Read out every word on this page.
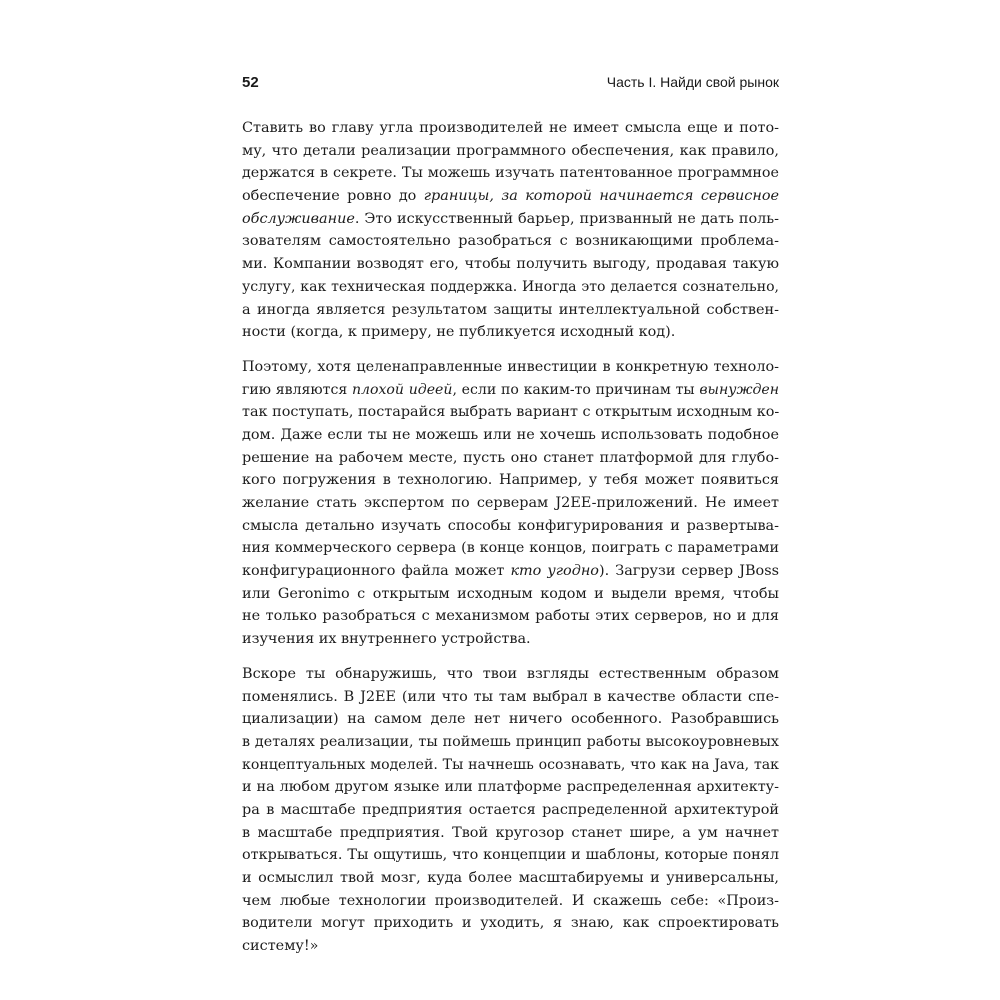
52	Часть I. Найди свой рынок
Ставить во главу угла производителей не имеет смысла еще и пото-
му, что детали реализации программного обеспечения, как правило,
держатся в секрете. Ты можешь изучать патентованное программное
обеспечение ровно до границы, за которой начинается сервисное
обслуживание. Это искусственный барьер, призванный не дать поль-
зователям самостоятельно разобраться с возникающими проблема-
ми. Компании возводят его, чтобы получить выгоду, продавая такую
услугу, как техническая поддержка. Иногда это делается сознательно,
а иногда является результатом защиты интеллектуальной собствен-
ности (когда, к примеру, не публикуется исходный код).
Поэтому, хотя целенаправленные инвестиции в конкретную техноло-
гию являются плохой идеей, если по каким-то причинам ты вынужден
так поступать, постарайся выбрать вариант с открытым исходным ко-
дом. Даже если ты не можешь или не хочешь использовать подобное
решение на рабочем месте, пусть оно станет платформой для глубо-
кого погружения в технологию. Например, у тебя может появиться
желание стать экспертом по серверам J2EE-приложений. Не имеет
смысла детально изучать способы конфигурирования и развертыва-
ния коммерческого сервера (в конце концов, поиграть с параметрами
конфигурационного файла может кто угодно). Загрузи сервер JBoss
или Geronimo с открытым исходным кодом и выдели время, чтобы
не только разобраться с механизмом работы этих серверов, но и для
изучения их внутреннего устройства.
Вскоре ты обнаружишь, что твои взгляды естественным образом
поменялись. В J2EE (или что ты там выбрал в качестве области спе-
циализации) на самом деле нет ничего особенного. Разобравшись
в деталях реализации, ты поймешь принцип работы высокоуровневых
концептуальных моделей. Ты начнешь осознавать, что как на Java, так
и на любом другом языке или платформе распределенная архитекту-
ра в масштабе предприятия остается распределенной архитектурой
в масштабе предприятия. Твой кругозор станет шире, а ум начнет
открываться. Ты ощутишь, что концепции и шаблоны, которые понял
и осмыслил твой мозг, куда более масштабируемы и универсальны,
чем любые технологии производителей. И скажешь себе: «Произ-
водители могут приходить и уходить, я знаю, как спроектировать
систему!»
